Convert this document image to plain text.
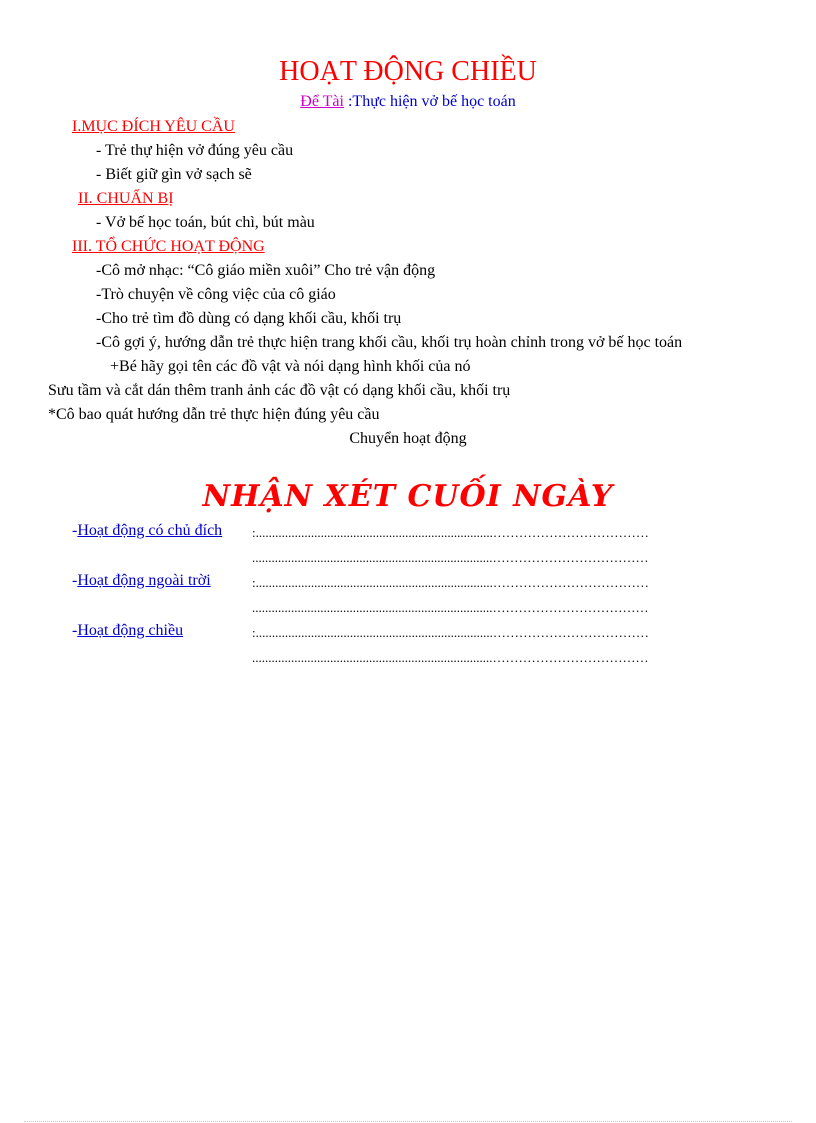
HOẠT ĐỘNG CHIỀU
Để Tài :Thực hiện vở bế học toán
I.MỤC ĐÍCH YÊU CẦU
- Trẻ thự hiện vở đúng yêu cầu
- Biết giữ gìn vở sạch sẽ
II. CHUẨN BỊ
- Vở bế học toán, bút chì, bút màu
III. TỔ CHỨC HOẠT ĐỘNG
-Cô mở nhạc: “Cô giáo miền xuôi” Cho trẻ vận động
-Trò chuyện về công việc của cô giáo
-Cho trẻ tìm đồ dùng có dạng khối cầu, khối trụ
-Cô gợi ý, hướng dẫn trẻ thực hiện trang khối cầu, khối trụ hoàn chỉnh trong vở bế học toán
+Bé hãy gọi tên các đồ vật và nói dạng hình khối của nó
Sưu tầm và cắt dán thêm tranh ảnh các đồ vật có dạng khối cầu, khối trụ
*Cô bao quát hướng dẫn trẻ thực hiện đúng yêu cầu
Chuyển hoạt động
NHẬN XÉT CUỐI NGÀY
-Hoạt động có chủ đích :.........................................................................………………………………
..........................................................................………………………………
-Hoạt động ngoài trời	:.........................................................................………………………………
..........................................................................………………………………
-Hoạt động chiều	:.........................................................................………………………………
..........................................................................………………………………
